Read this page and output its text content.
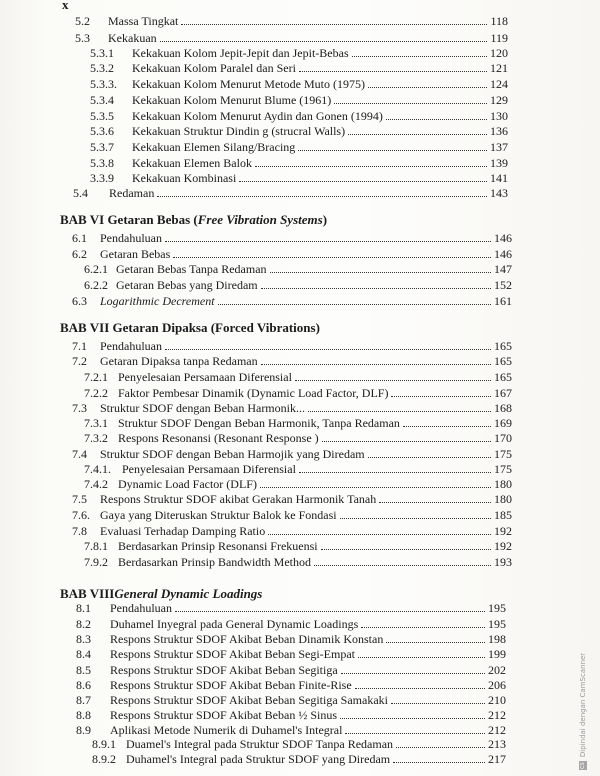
x
5.2	Massa Tingkat	118
5.3	Kekakuan	119
5.3.1	Kekakuan Kolom Jepit-Jepit dan Jepit-Bebas	120
5.3.2	Kekakuan Kolom Paralel dan Seri	121
5.3.3.	Kekakuan Kolom Menurut Metode Muto (1975)	124
5.3.4	Kekakuan Kolom Menurut Blume (1961)	129
5.3.5	Kekakuan Kolom Menurut Aydin dan Gonen (1994)	130
5.3.6	Kekakuan Struktur Dindin g (strucral Walls)	136
5.3.7	Kekakuan Elemen Silang/Bracing	137
5.3.8	Kekakuan Elemen Balok	139
3.3.9	Kekakuan Kombinasi	141
5.4	Redaman	143
BAB VI Getaran Bebas (Free Vibration Systems)
6.1	Pendahuluan	146
6.2	Getaran Bebas	146
6.2.1 Getaran Bebas Tanpa Redaman	147
6.2.2 Getaran Bebas yang Diredam	152
6.3	Logarithmic Decrement	161
BAB VII Getaran Dipaksa (Forced Vibrations)
7.1	Pendahuluan	165
7.2	Getaran Dipaksa tanpa Redaman	165
7.2.1 Penyelesaian Persamaan Diferensial	165
7.2.2 Faktor Pembesar Dinamik (Dynamic Load Factor, DLF)	167
7.3	Struktur SDOF dengan Beban Harmonik...	168
7.3.1 Struktur SDOF Dengan Beban Harmonik, Tanpa Redaman	169
7.3.2 Respons Resonansi (Resonant Response )	170
7.4	Struktur SDOF dengan Beban Harmojik yang Diredam	175
7.4.1. Penyelesaian Persamaan Diferensial	175
7.4.2 Dynamic Load Factor (DLF)	180
7.5	Respons Struktur SDOF akibat Gerakan Harmonik Tanah	180
7.6. Gaya yang Diteruskan Struktur Balok ke Fondasi	185
7.8	Evaluasi Terhadap Damping Ratio	192
7.8.1 Berdasarkan Prinsip Resonansi Frekuensi	192
7.9.2 Berdasarkan Prinsip Bandwidth Method	193
BAB VIIIGeneral Dynamic Loadings
8.1	Pendahuluan	195
8.2	Duhamel Inyegral pada General Dynamic Loadings	195
8.3	Respons Struktur SDOF Akibat Beban Dinamik Konstan	198
8.4	Respons Struktur SDOF Akibat Beban Segi-Empat	199
8.5	Respons Struktur SDOF Akibat Beban Segitiga	202
8.6	Respons Struktur SDOF Akibat Beban Finite-Rise	206
8.7	Respons Struktur SDOF Akibat Beban Segitiga Samakaki	210
8.8	Respons Struktur SDOF Akibat Beban ½ Sinus	212
8.9	Aplikasi Metode Numerik di Duhamel's Integral	212
8.9.1 Duamel's Integral pada Struktur SDOF Tanpa Redaman	213
8.9.2 Duhamel's Integral pada Struktur SDOF yang Diredam	217	CS Dipindai dengan CamScanner
